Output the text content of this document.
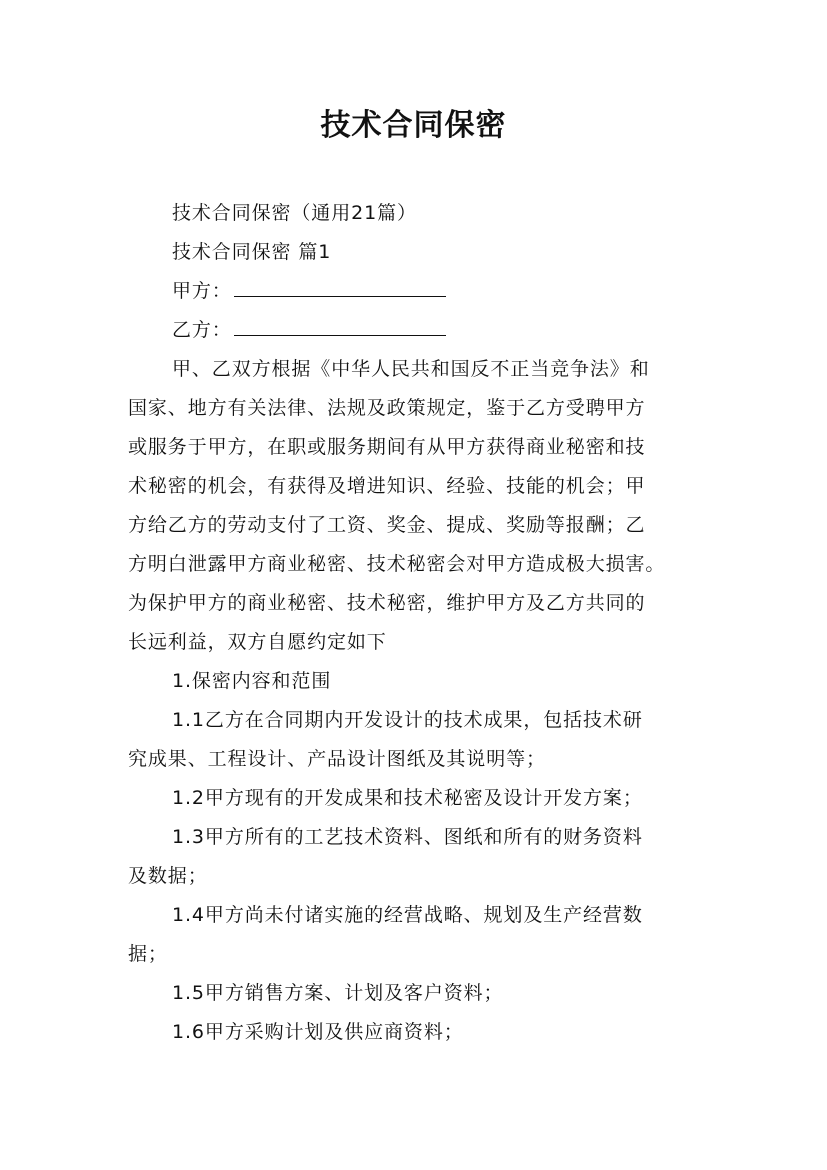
技术合同保密
技术合同保密（通用21篇）
技术合同保密 篇1
甲方：
乙方：
甲、乙双方根据《中华人民共和国反不正当竞争法》和
国家、地方有关法律、法规及政策规定，鉴于乙方受聘甲方
或服务于甲方，在职或服务期间有从甲方获得商业秘密和技
术秘密的机会，有获得及增进知识、经验、技能的机会；甲
方给乙方的劳动支付了工资、奖金、提成、奖励等报酬；乙
方明白泄露甲方商业秘密、技术秘密会对甲方造成极大损害。
为保护甲方的商业秘密、技术秘密，维护甲方及乙方共同的
长远利益，双方自愿约定如下
1.保密内容和范围
1.1乙方在合同期内开发设计的技术成果，包括技术研
究成果、工程设计、产品设计图纸及其说明等；
1.2甲方现有的开发成果和技术秘密及设计开发方案；
1.3甲方所有的工艺技术资料、图纸和所有的财务资料
及数据；
1.4甲方尚未付诸实施的经营战略、规划及生产经营数
据；
1.5甲方销售方案、计划及客户资料；
1.6甲方采购计划及供应商资料；
